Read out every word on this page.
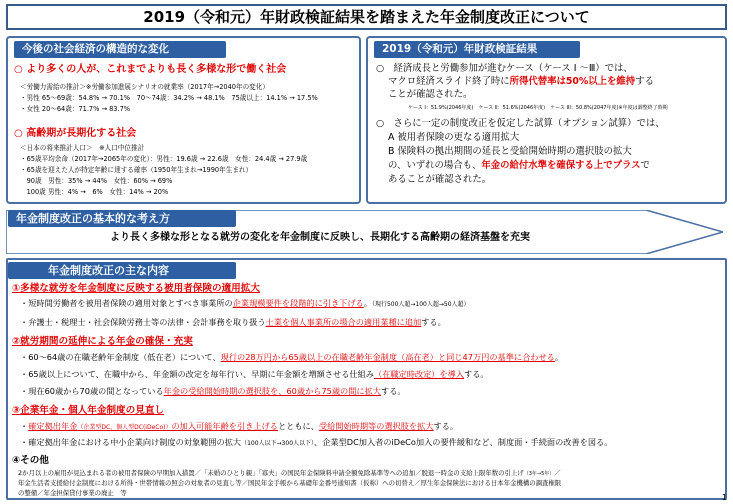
2019（令和元）年財政検証結果を踏まえた年金制度改正について
今後の社会経済の構造的な変化
○ より多くの人が、これまでよりも長く多様な形で働く社会
＜労働力需給の推計＞※労働参加進展シナリオの就業率（2017年→2040年の変化）
・男性 65～69歳：54.8% → 70.1%　70～74歳：34.2% → 48.1%　75歳以上：14.1% → 17.5%
・女性 20～64歳：71.7% → 83.7%
○ 高齢期が長期化する社会
＜日本の将来推計人口＞　※人口中位推計
・65歳平均余命（2017年→2065年の変化）：男性：19.6歳 → 22.6歳　女性：24.4歳 → 27.9歳
・65歳を迎えた人が特定年齢に達する確率（1950年生まれ→1990年生まれ）
　90歳　男性：35% → 44%　女性：60% → 69%
　100歳 男性：4% →　6%　女性：14% → 20%
2019（令和元）年財政検証結果
○　経済成長と労働参加が進むケース（ケース Ⅰ ～Ⅲ）では、
マクロ経済スライド終了時に所得代替率は50%以上を維持する
ことが確認された。
ケース I：51.9%(2046年度)　ケース II：51.6%(2046年度)　ケース III：50.8%(2047年度)※年度は調整終了時期
○　さらに一定の制度改正を仮定した試算（オプション試算）では、
A 被用者保険の更なる適用拡大
B 保険料の拠出期間の延長と受給開始時期の選択肢の拡大
の、いずれの場合も、年金の給付水準を確保する上でプラスで
あることが確認された。
年金制度改正の基本的な考え方
より長く多様な形となる就労の変化を年金制度に反映し、長期化する高齢期の経済基盤を充実
年金制度改正の主な内容
①多様な就労を年金制度に反映する被用者保険の適用拡大
・短時間労働者を被用者保険の適用対象とすべき事業所の企業規模要件を段階的に引き下げる。（現行500人超→100人超→50人超）
・弁護士・税理士・社会保険労務士等の法律・会計事務を取り扱う士業を個人事業所の場合の適用業種に追加する。
②就労期間の延伸による年金の確保・充実
・60～64歳の在職老齢年金制度（低在老）について、現行の28万円から65歳以上の在職老齢年金制度（高在老）と同じ47万円の基準に合わせる。
・65歳以上について、在職中から、年金額の改定を毎年行い、早期に年金額を増額させる仕組み（在職定時改定）を導入する。
・現在60歳から70歳の間となっている年金の受給開始時期の選択肢を、60歳から75歳の間に拡大する。
③企業年金・個人年金制度の見直し
・確定拠出年金（企業型DC、個人型DC(iDeCo)）の加入可能年齢を引き上げるとともに、受給開始時期等の選択肢を拡大する。
・確定拠出年金における中小企業向け制度の対象範囲の拡大（100人以下→300人以下）、企業型DC加入者のiDeCo加入の要件緩和など、制度面・手続面の改善を図る。
④その他
2か月以上の雇用が見込まれる者の被用者保険の早期加入措置／「未婚のひとり親」「寡夫」の国民年金保険料申請全額免除基準等への追加／脱退一時金の支給上限年数の引上げ（3年→5年）／
年金生活者支援給付金制度における所得・世帯情報の照会の対象者の見直し等／国民年金手帳から基礎年金番号通知書（仮称）への切替え／厚生年金保険法における日本年金機構の調査権限
の整備／年金担保貸付事業の廃止　等	1
